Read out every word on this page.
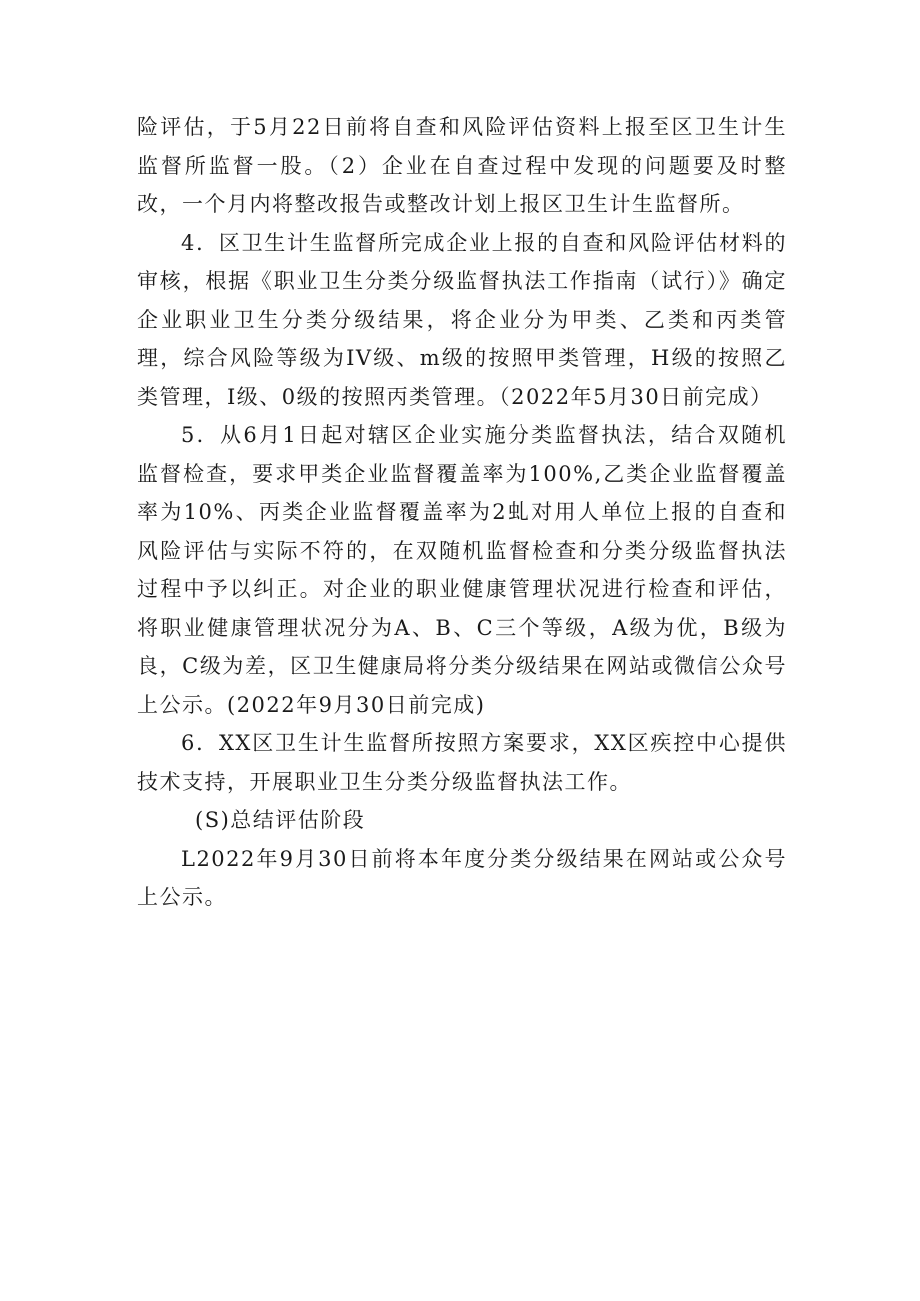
险评估，于5月22日前将自查和风险评估资料上报至区卫生计生监督所监督一股。（2）企业在自查过程中发现的问题要及时整改，一个月内将整改报告或整改计划上报区卫生计生监督所。

4．区卫生计生监督所完成企业上报的自查和风险评估材料的审核，根据《职业卫生分类分级监督执法工作指南（试行）》确定企业职业卫生分类分级结果，将企业分为甲类、乙类和丙类管理，综合风险等级为IV级、m级的按照甲类管理，H级的按照乙类管理，I级、0级的按照丙类管理。（2022年5月30日前完成）

5．从6月1日起对辖区企业实施分类监督执法，结合双随机监督检查，要求甲类企业监督覆盖率为100%,乙类企业监督覆盖率为10%、丙类企业监督覆盖率为2虬对用人单位上报的自查和风险评估与实际不符的，在双随机监督检查和分类分级监督执法过程中予以纠正。对企业的职业健康管理状况进行检查和评估，将职业健康管理状况分为A、B、C三个等级，A级为优，B级为良，C级为差，区卫生健康局将分类分级结果在网站或微信公众号上公示。(2022年9月30日前完成)

6．XX区卫生计生监督所按照方案要求，XX区疾控中心提供技术支持，开展职业卫生分类分级监督执法工作。

(S)总结评估阶段

L2022年9月30日前将本年度分类分级结果在网站或公众号上公示。
